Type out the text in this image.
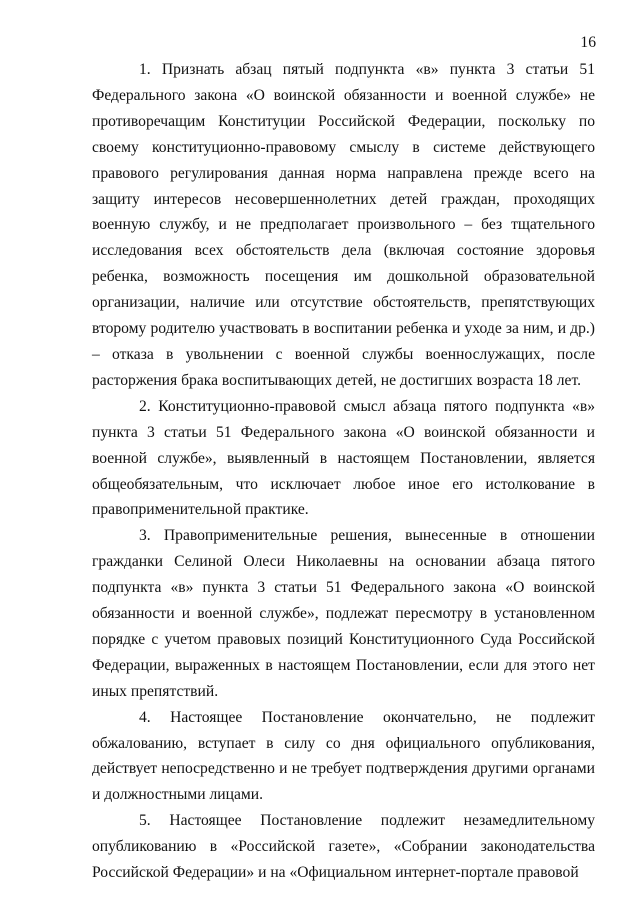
16

1. Признать абзац пятый подпункта «в» пункта 3 статьи 51 Федерального закона «О воинской обязанности и военной службе» не противоречащим Конституции Российской Федерации, поскольку по своему конституционно-правовому смыслу в системе действующего правового регулирования данная норма направлена прежде всего на защиту интересов несовершеннолетних детей граждан, проходящих военную службу, и не предполагает произвольного – без тщательного исследования всех обстоятельств дела (включая состояние здоровья ребенка, возможность посещения им дошкольной образовательной организации, наличие или отсутствие обстоятельств, препятствующих второму родителю участвовать в воспитании ребенка и уходе за ним, и др.) – отказа в увольнении с военной службы военнослужащих, после расторжения брака воспитывающих детей, не достигших возраста 18 лет.

2. Конституционно-правовой смысл абзаца пятого подпункта «в» пункта 3 статьи 51 Федерального закона «О воинской обязанности и военной службе», выявленный в настоящем Постановлении, является общеобязательным, что исключает любое иное его истолкование в правоприменительной практике.

3. Правоприменительные решения, вынесенные в отношении гражданки Селиной Олеси Николаевны на основании абзаца пятого подпункта «в» пункта 3 статьи 51 Федерального закона «О воинской обязанности и военной службе», подлежат пересмотру в установленном порядке с учетом правовых позиций Конституционного Суда Российской Федерации, выраженных в настоящем Постановлении, если для этого нет иных препятствий.

4. Настоящее Постановление окончательно, не подлежит обжалованию, вступает в силу со дня официального опубликования, действует непосредственно и не требует подтверждения другими органами и должностными лицами.

5. Настоящее Постановление подлежит незамедлительному опубликованию в «Российской газете», «Собрании законодательства Российской Федерации» и на «Официальном интернет-портале правовой
